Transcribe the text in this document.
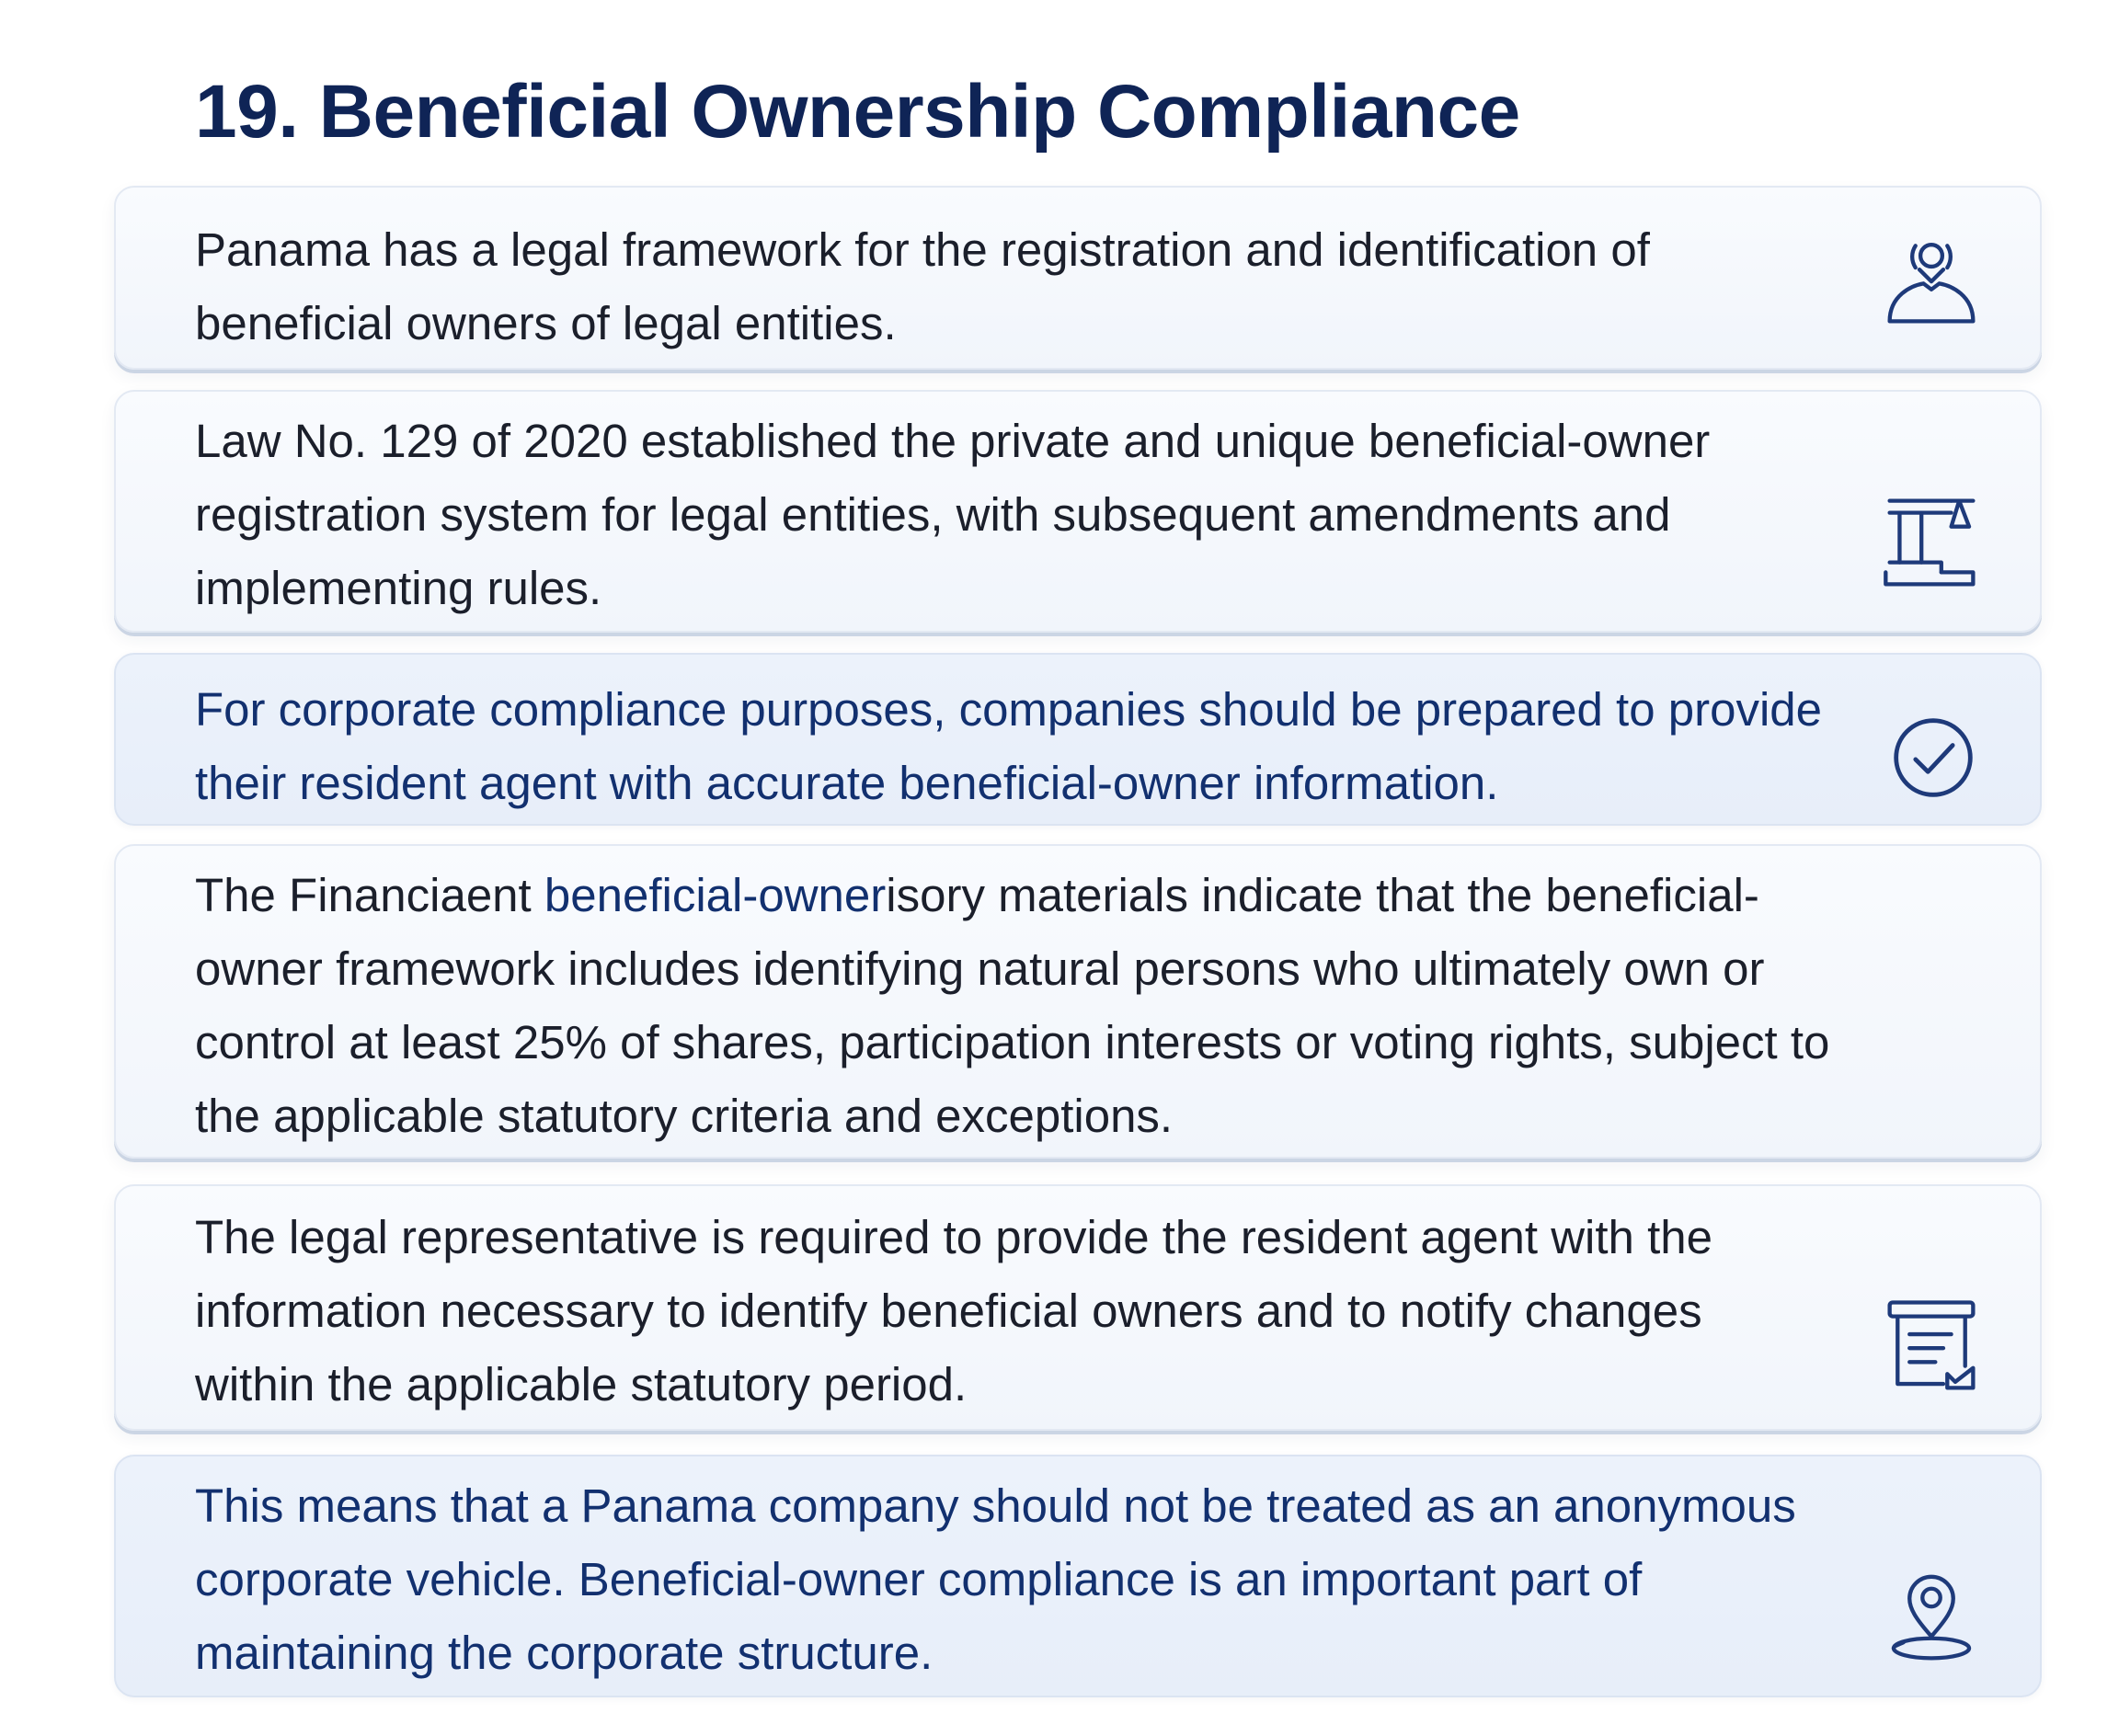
19. Beneficial Ownership Compliance
Panama has a legal framework for the registration and identification of
beneficial owners of legal entities.
Law No. 129 of 2020 established the private and unique beneficial-owner
registration system for legal entities, with subsequent amendments and
implementing rules.
For corporate compliance purposes, companies should be prepared to provide
their resident agent with accurate beneficial-owner information.
The Financiaent beneficial-ownerisory materials indicate that the beneficial-
owner framework includes identifying natural persons who ultimately own or
control at least 25% of shares, participation interests or voting rights, subject to
the applicable statutory criteria and exceptions.
The legal representative is required to provide the resident agent with the
information necessary to identify beneficial owners and to notify changes
within the applicable statutory period.
This means that a Panama company should not be treated as an anonymous
corporate vehicle. Beneficial-owner compliance is an important part of
maintaining the corporate structure.
